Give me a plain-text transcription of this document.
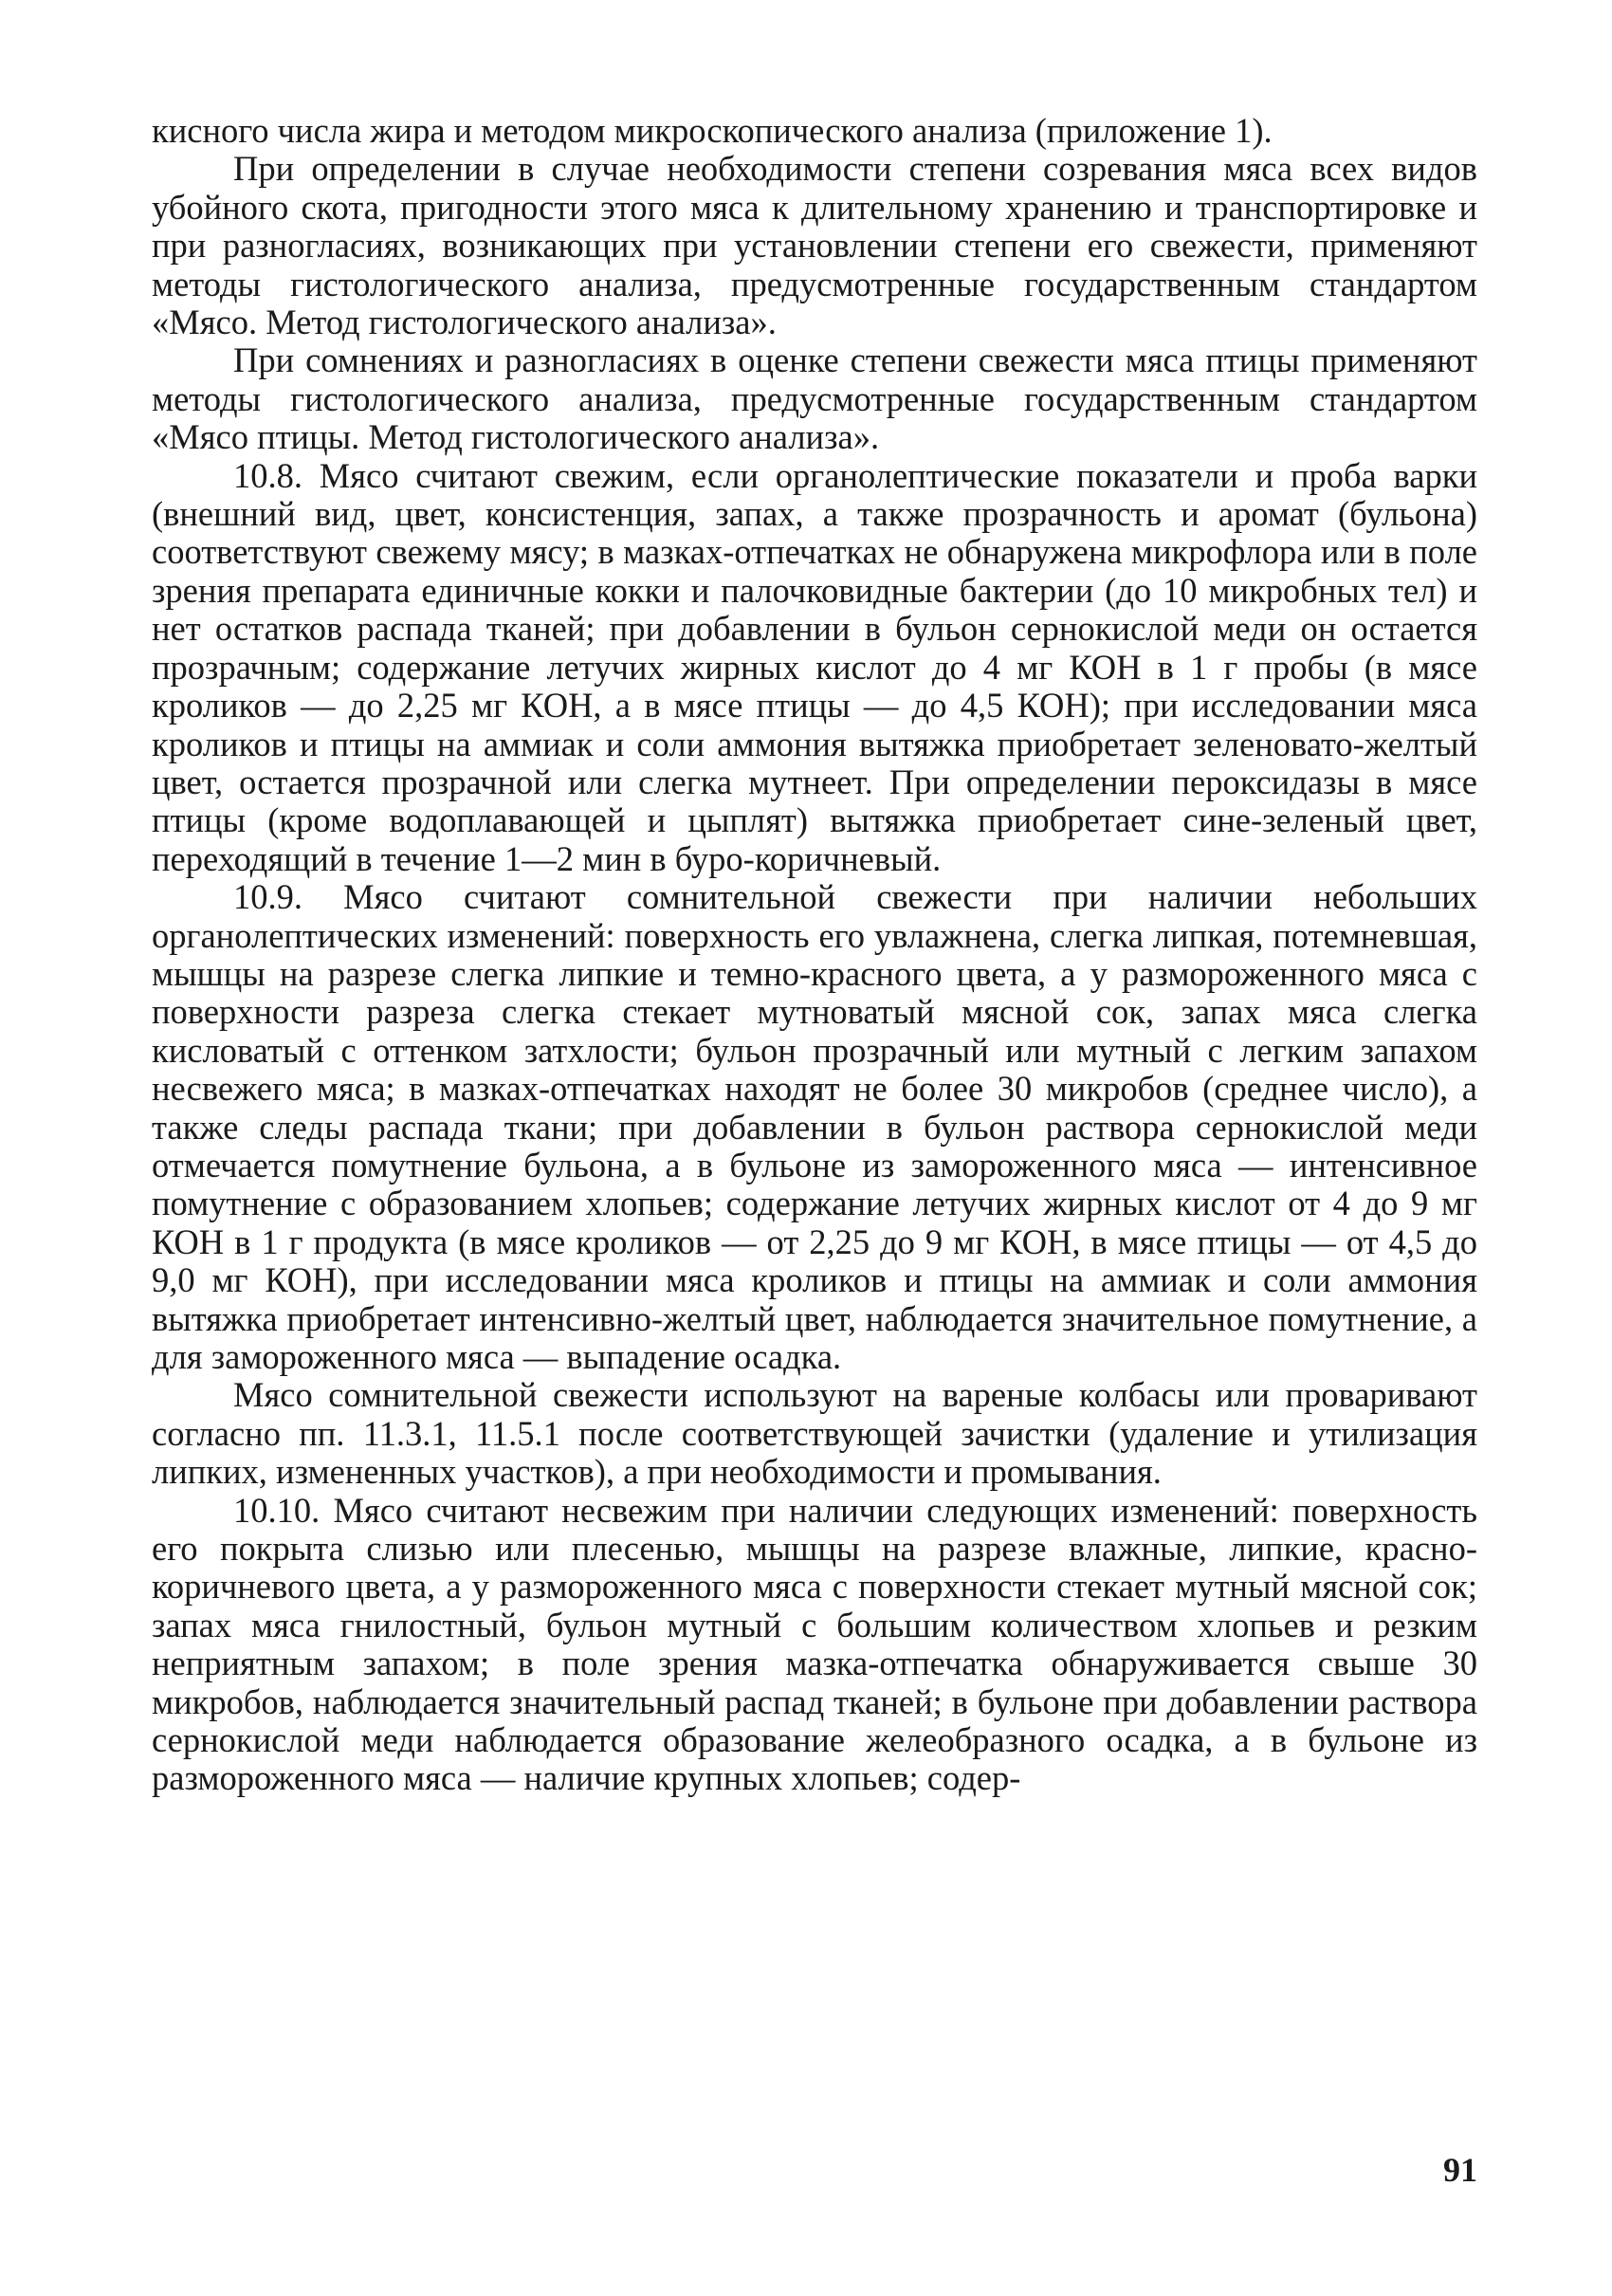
кисного числа жира и методом микроскопического анализа (приложение 1).

При определении в случае необходимости степени созревания мяса всех видов убойного скота, пригодности этого мяса к длительному хранению и транспортировке и при разногласиях, возникающих при установлении степени его свежести, применяют методы гистологического анализа, предусмотренные государственным стандартом «Мясо. Метод гистологического анализа».

При сомнениях и разногласиях в оценке степени свежести мяса птицы применяют методы гистологического анализа, предусмотренные государственным стандартом «Мясо птицы. Метод гистологического анализа».

10.8. Мясо считают свежим, если органолептические показатели и проба варки (внешний вид, цвет, консистенция, запах, а также прозрачность и аромат (бульона) соответствуют свежему мясу; в мазках-отпечатках не обнаружена микрофлора или в поле зрения препарата единичные кокки и палочковидные бактерии (до 10 микробных тел) и нет остатков распада тканей; при добавлении в бульон сернокислой меди он остается прозрачным; содержание летучих жирных кислот до 4 мг КОН в 1 г пробы (в мясе кроликов — до 2,25 мг КОН, а в мясе птицы — до 4,5 КОН); при исследовании мяса кроликов и птицы на аммиак и соли аммония вытяжка приобретает зеленовато-желтый цвет, остается прозрачной или слегка мутнеет. При определении пероксидазы в мясе птицы (кроме водоплавающей и цыплят) вытяжка приобретает сине-зеленый цвет, переходящий в течение 1—2 мин в буро-коричневый.

10.9. Мясо считают сомнительной свежести при наличии небольших органолептических изменений: поверхность его увлажнена, слегка липкая, потемневшая, мышцы на разрезе слегка липкие и темно-красного цвета, а у размороженного мяса с поверхности разреза слегка стекает мутноватый мясной сок, запах мяса слегка кисловатый с оттенком затхлости; бульон прозрачный или мутный с легким запахом несвежего мяса; в мазках-отпечатках находят не более 30 микробов (среднее число), а также следы распада ткани; при добавлении в бульон раствора сернокислой меди отмечается помутнение бульона, а в бульоне из замороженного мяса — интенсивное помутнение с образованием хлопьев; содержание летучих жирных кислот от 4 до 9 мг КОН в 1 г продукта (в мясе кроликов — от 2,25 до 9 мг КОН, в мясе птицы — от 4,5 до 9,0 мг КОН), при исследовании мяса кроликов и птицы на аммиак и соли аммония вытяжка приобретает интенсивно-желтый цвет, наблюдается значительное помутнение, а для замороженного мяса — выпадение осадка.

Мясо сомнительной свежести используют на вареные колбасы или проваривают согласно пп. 11.3.1, 11.5.1 после соответствующей зачистки (удаление и утилизация липких, измененных участков), а при необходимости и промывания.

10.10. Мясо считают несвежим при наличии следующих изменений: поверхность его покрыта слизью или плесенью, мышцы на разрезе влажные, липкие, красно-коричневого цвета, а у размороженного мяса с поверхности стекает мутный мясной сок; запах мяса гнилостный, бульон мутный с большим количеством хлопьев и резким неприятным запахом; в поле зрения мазка-отпечатка обнаруживается свыше 30 микробов, наблюдается значительный распад тканей; в бульоне при добавлении раствора сернокислой меди наблюдается образование желеобразного осадка, а в бульоне из размороженного мяса — наличие крупных хлопьев; содер-

91
